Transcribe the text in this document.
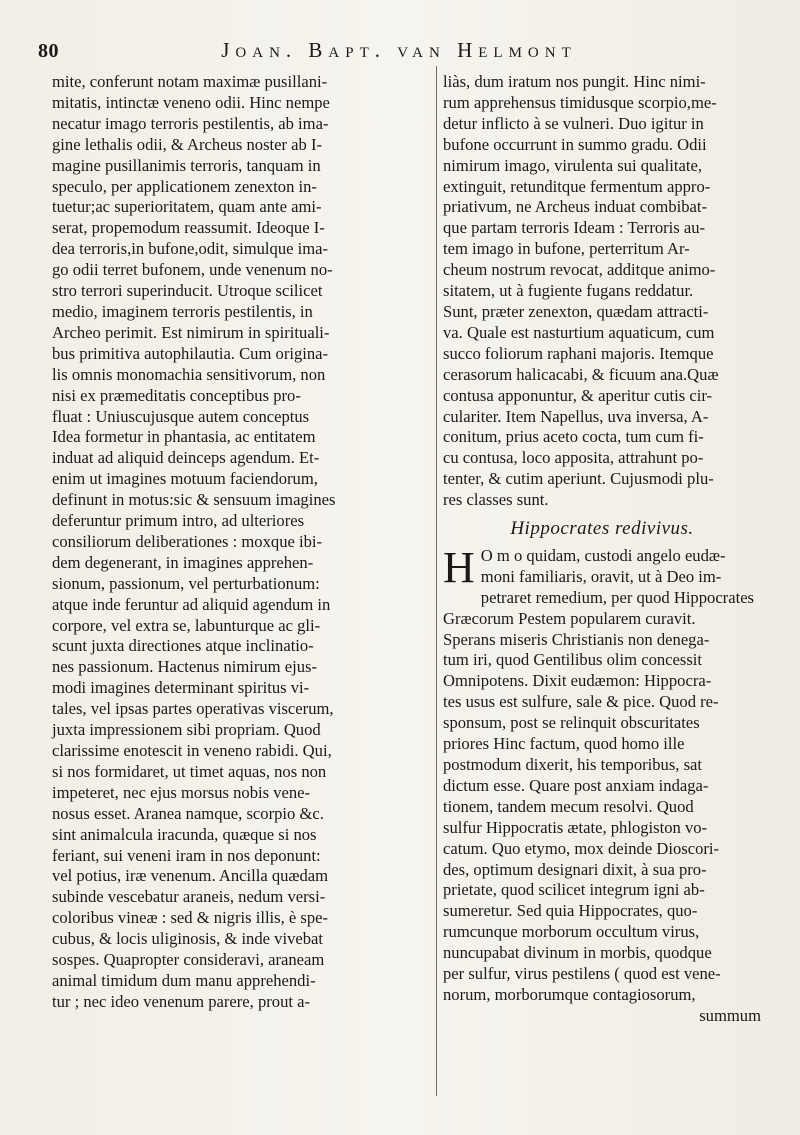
80	Joan. Bapt. van Helmont
mite, conferunt notam maximæ pusillani-
mitatis, intinctæ veneno odii. Hinc nempe
necatur imago terroris pestilentis, ab ima-
gine lethalis odii, & Archeus noster ab I-
magine pusillanimis terroris, tanquam in
speculo, per applicationem zenexton in-
tuetur;ac superioritatem, quam ante ami-
serat, propemodum reassumit. Ideoque I-
dea terroris,in bufone,odit, simulque ima-
go odii terret bufonem, unde venenum no-
stro terrori superinducit. Utroque scilicet
medio, imaginem terroris pestilentis, in
Archeo perimit. Est nimirum in spirituali-
bus primitiva autophilautia. Cum origina-
lis omnis monomachia sensitivorum, non
nisi ex præmeditatis conceptibus pro-
fluat : Uniuscujusque autem conceptus
Idea formetur in phantasia, ac entitatem
induat ad aliquid deinceps agendum. Et-
enim ut imagines motuum faciendorum,
definunt in motus:sic & sensuum imagines
deferuntur primum intro, ad ulteriores
consiliorum deliberationes : moxque ibi-
dem degenerant, in imagines apprehen-
sionum, passionum, vel perturbationum:
atque inde feruntur ad aliquid agendum in
corpore, vel extra se, labunturque ac gli-
scunt juxta directiones atque inclinatio-
nes passionum. Hactenus nimirum ejus-
modi imagines determinant spiritus vi-
tales, vel ipsas partes operativas viscerum,
juxta impressionem sibi propriam. Quod
clarissime enotescit in veneno rabidi. Qui,
si nos formidaret, ut timet aquas, nos non
impeteret, nec ejus morsus nobis vene-
nosus esset. Aranea namque, scorpio &c.
sint animalcula iracunda, quæque si nos
feriant, sui veneni iram in nos deponunt:
vel potius, iræ venenum. Ancilla quædam
subinde vescebatur araneis, nedum versi-
coloribus vineæ : sed & nigris illis, è spe-
cubus, & locis uliginosis, & inde vivebat
sospes. Quapropter consideravi, araneam
animal timidum dum manu apprehendi-
tur ; nec ideo venenum parere, prout a-
liàs, dum iratum nos pungit. Hinc nimi-
rum apprehensus timidusque scorpio,me-
detur inflicto à se vulneri. Duo igitur in
bufone occurrunt in summo gradu. Odii
nimirum imago, virulenta sui qualitate,
extinguit, retunditque fermentum appro-
priativum, ne Archeus induat combibat-
que partam terroris Ideam : Terroris au-
tem imago in bufone, perterritum Ar-
cheum nostrum revocat, additque animo-
sitatem, ut à fugiente fugans reddatur.
Sunt, præter zenexton, quædam attracti-
va. Quale est nasturtium aquaticum, cum
succo foliorum raphani majoris. Itemque
cerasorum halicacabi, & ficuum ana.Quæ
contusa apponuntur, & aperitur cutis cir-
culariter. Item Napellus, uva inversa, A-
conitum, prius aceto cocta, tum cum fi-
cu contusa, loco apposita, attrahunt po-
tenter, & cutim aperiunt. Cujusmodi plu-
res classes sunt.
Hippocrates redivivus.
H O m o quidam, custodi angelo eudæ-
moni familiaris, oravit, ut à Deo im-
petraret remedium, per quod Hippocrates
Græcorum Pestem popularem curavit.
Sperans miseris Christianis non denega-
tum iri, quod Gentilibus olim concessit
Omnipotens. Dixit eudæmon: Hippocra-
tes usus est sulfure, sale & pice. Quod re-
sponsum, post se relinquit obscuritates
priores Hinc factum, quod homo ille
postmodum dixerit, his temporibus, sat
dictum esse. Quare post anxiam indaga-
tionem, tandem mecum resolvi. Quod
sulfur Hippocratis ætate, phlogiston vo-
catum. Quo etymo, mox deinde Dioscori-
des, optimum designari dixit, à sua pro-
prietate, quod scilicet integrum igni ab-
sumeretur. Sed quia Hippocrates, quo-
rumcunque morborum occultum virus,
nuncupabat divinum in morbis, quodque
per sulfur, virus pestilens ( quod est vene-
norum, morborumque contagiosorum,
summum
